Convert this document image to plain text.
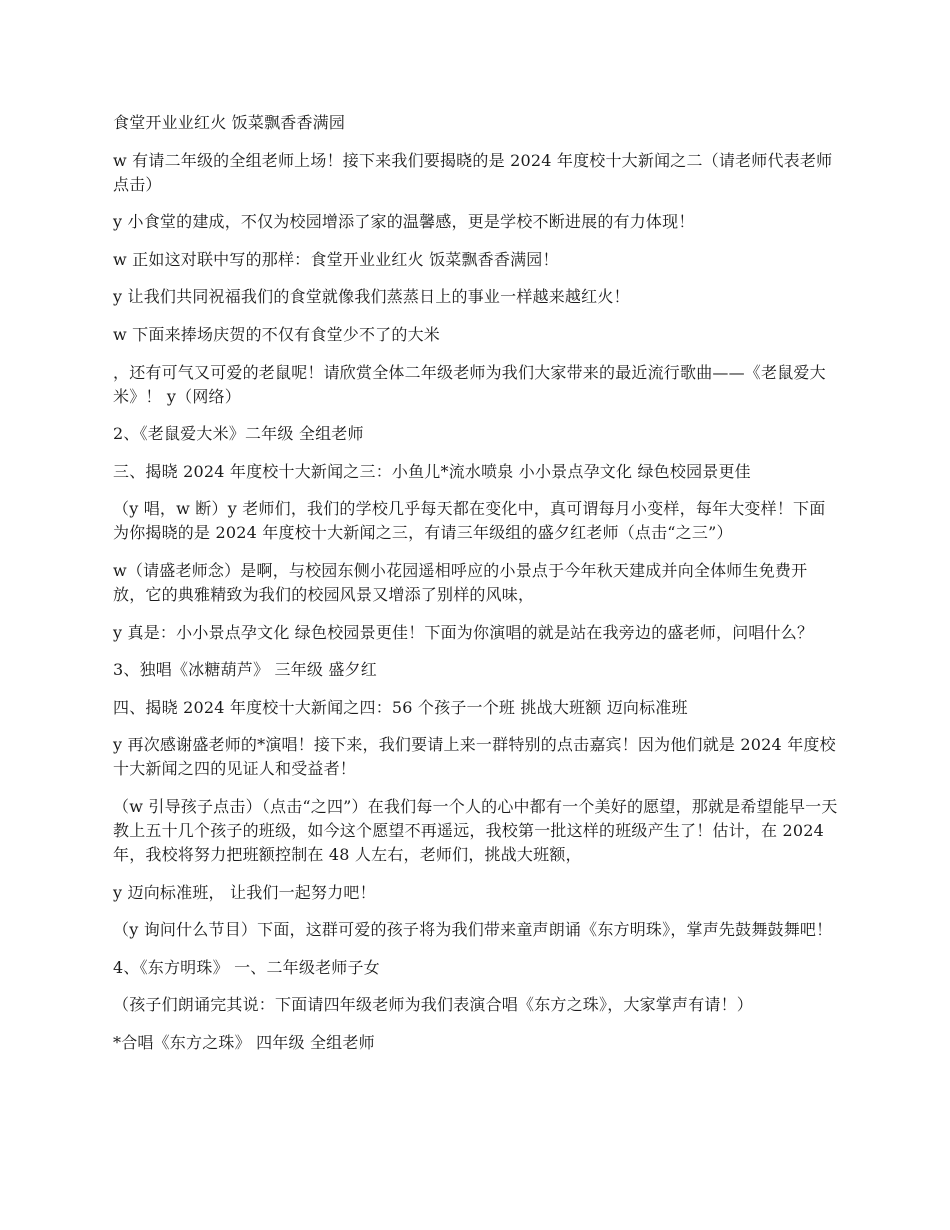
食堂开业业红火 饭菜飘香香满园

w 有请二年级的全组老师上场！接下来我们要揭晓的是 2024 年度校十大新闻之二（请老师代表老师点击）

y 小食堂的建成，不仅为校园增添了家的温馨感，更是学校不断进展的有力体现！

w 正如这对联中写的那样：食堂开业业红火 饭菜飘香香满园！

y 让我们共同祝福我们的食堂就像我们蒸蒸日上的事业一样越来越红火！

w 下面来捧场庆贺的不仅有食堂少不了的大米

，还有可气又可爱的老鼠呢！请欣赏全体二年级老师为我们大家带来的最近流行歌曲——《老鼠爱大米》！ y（网络）

2、《老鼠爱大米》二年级 全组老师

三、揭晓 2024 年度校十大新闻之三：小鱼儿*流水喷泉 小小景点孕文化 绿色校园景更佳

（y 唱，w 断）y 老师们，我们的学校几乎每天都在变化中，真可谓每月小变样，每年大变样！下面为你揭晓的是 2024 年度校十大新闻之三，有请三年级组的盛夕红老师（点击“之三”）

w（请盛老师念）是啊，与校园东侧小花园遥相呼应的小景点于今年秋天建成并向全体师生免费开放，它的典雅精致为我们的校园风景又增添了别样的风味，

y 真是：小小景点孕文化 绿色校园景更佳！下面为你演唱的就是站在我旁边的盛老师，问唱什么？

3、独唱《冰糖葫芦》 三年级 盛夕红

四、揭晓 2024 年度校十大新闻之四：56 个孩子一个班 挑战大班额 迈向标准班

y 再次感谢盛老师的*演唱！接下来，我们要请上来一群特别的点击嘉宾！因为他们就是 2024 年度校十大新闻之四的见证人和受益者！

（w 引导孩子点击）（点击“之四”）在我们每一个人的心中都有一个美好的愿望，那就是希望能早一天教上五十几个孩子的班级，如今这个愿望不再遥远，我校第一批这样的班级产生了！估计，在 2024 年，我校将努力把班额控制在 48 人左右，老师们，挑战大班额，

y 迈向标准班， 让我们一起努力吧！

（y 询问什么节目）下面，这群可爱的孩子将为我们带来童声朗诵《东方明珠》，掌声先鼓舞鼓舞吧！

4、《东方明珠》 一、二年级老师子女

（孩子们朗诵完其说：下面请四年级老师为我们表演合唱《东方之珠》，大家掌声有请！）

*合唱《东方之珠》 四年级 全组老师
